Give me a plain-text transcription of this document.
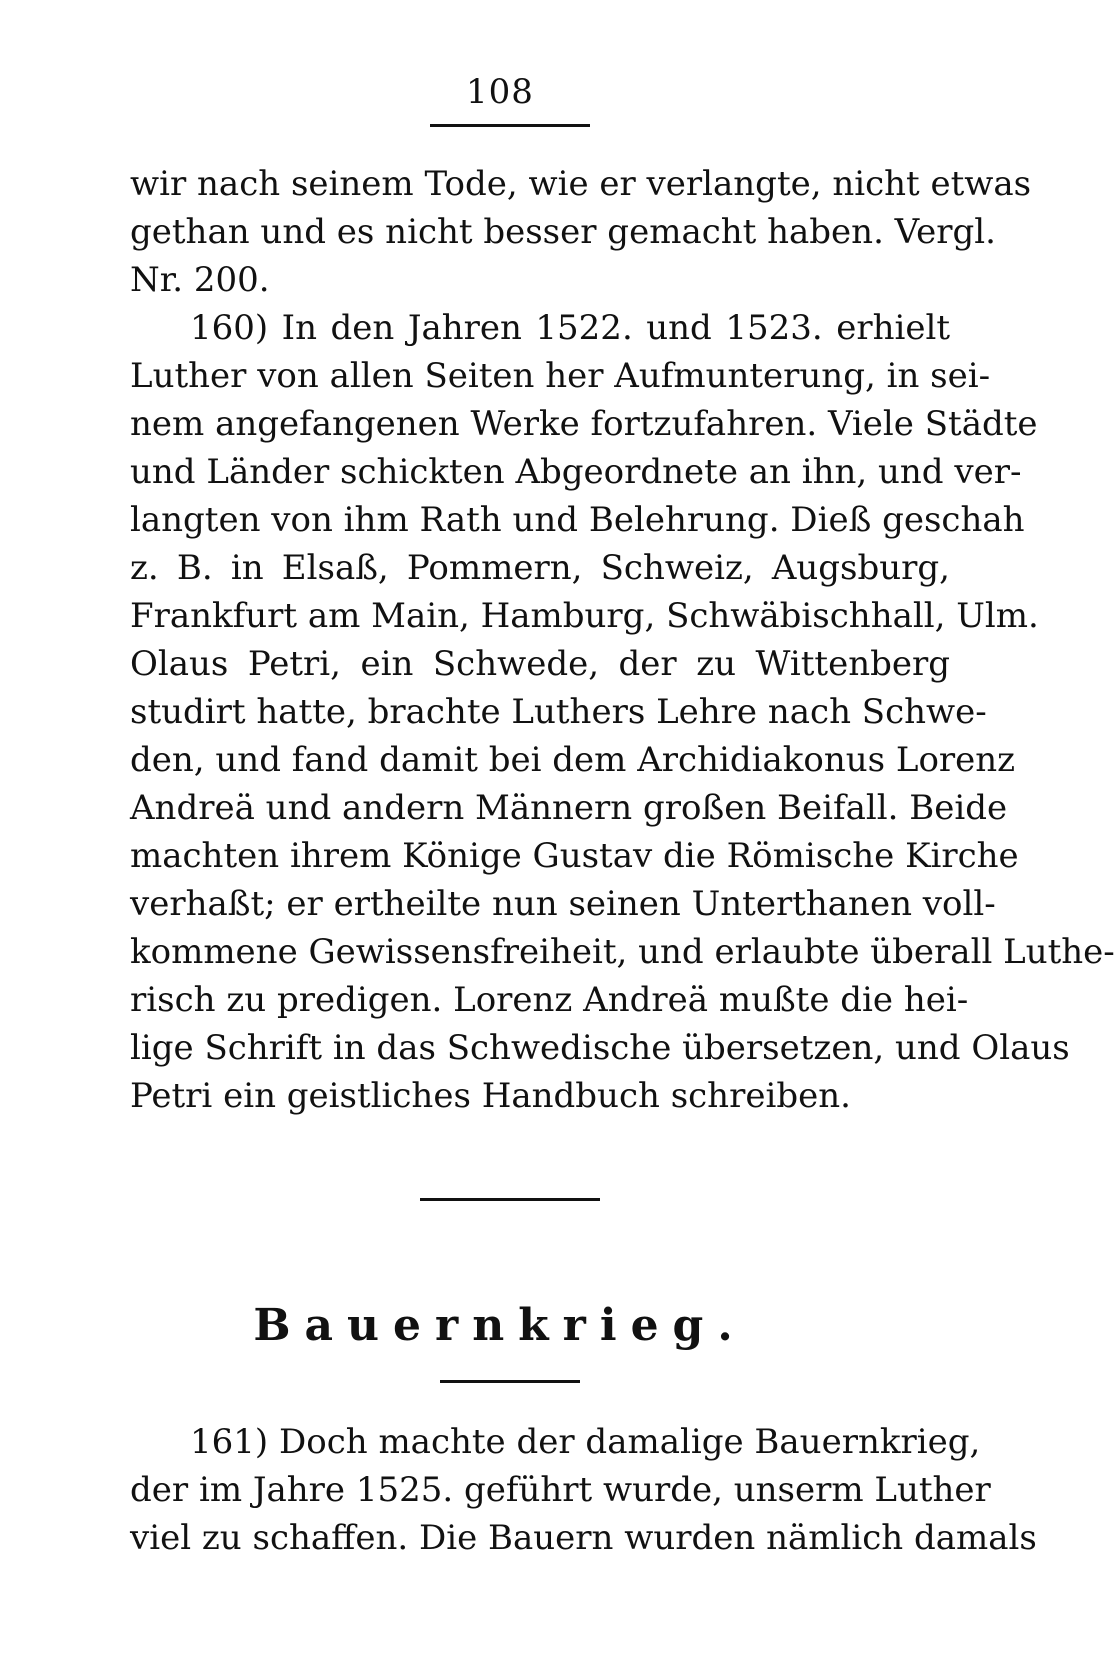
108
wir nach seinem Tode, wie er verlangte, nicht etwas
gethan und es nicht besser gemacht haben. Vergl.
Nr. 200.
160) In den Jahren 1522. und 1523. erhielt
Luther von allen Seiten her Aufmunterung, in sei-
nem angefangenen Werke fortzufahren. Viele Städte
und Länder schickten Abgeordnete an ihn, und ver-
langten von ihm Rath und Belehrung. Dieß geschah
z. B. in Elsaß, Pommern, Schweiz, Augsburg,
Frankfurt am Main, Hamburg, Schwäbischhall, Ulm.
Olaus Petri, ein Schwede, der zu Wittenberg
studirt hatte, brachte Luthers Lehre nach Schwe-
den, und fand damit bei dem Archidiakonus Lorenz
Andreä und andern Männern großen Beifall. Beide
machten ihrem Könige Gustav die Römische Kirche
verhaßt; er ertheilte nun seinen Unterthanen voll-
kommene Gewissensfreiheit, und erlaubte überall Luthe-
risch zu predigen. Lorenz Andreä mußte die hei-
lige Schrift in das Schwedische übersetzen, und Olaus
Petri ein geistliches Handbuch schreiben.
Bauernkrieg.
161) Doch machte der damalige Bauernkrieg,
der im Jahre 1525. geführt wurde, unserm Luther
viel zu schaffen. Die Bauern wurden nämlich damals
